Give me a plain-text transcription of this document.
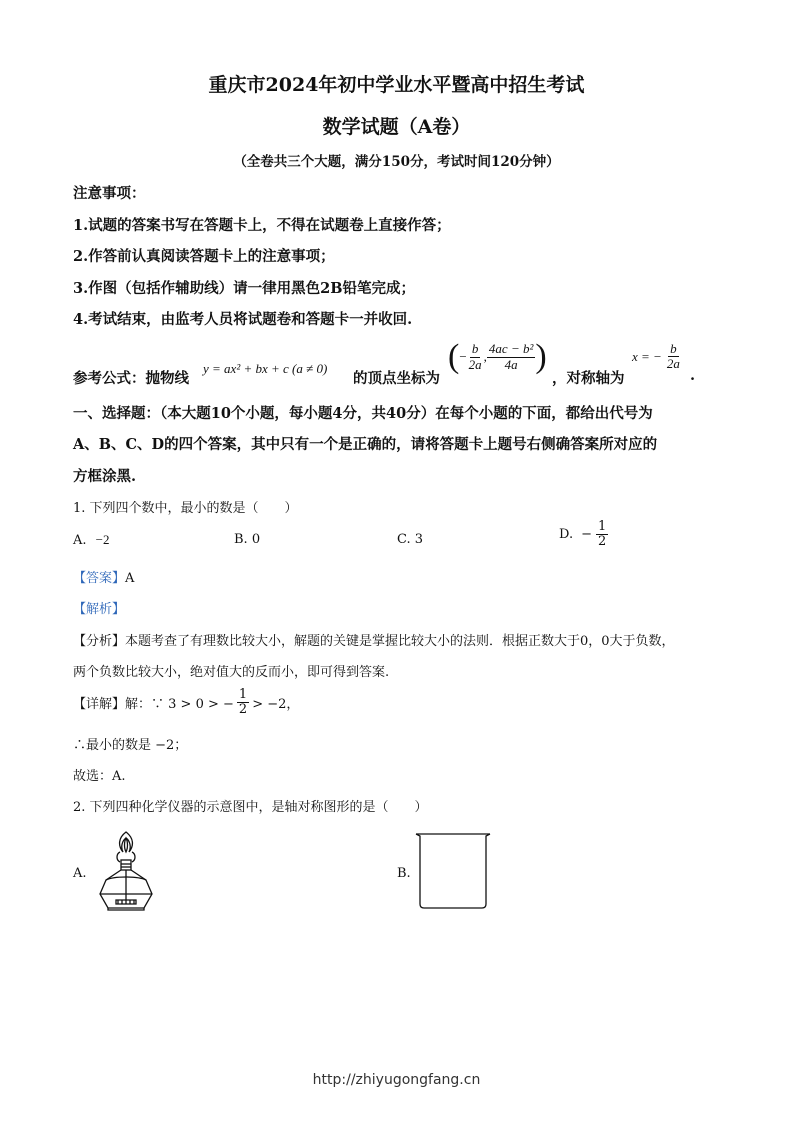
重庆市2024年初中学业水平暨高中招生考试
数学试题（A卷）
（全卷共三个大题，满分150分，考试时间120分钟）
注意事项：
1.试题的答案书写在答题卡上，不得在试题卷上直接作答；
2.作答前认真阅读答题卡上的注意事项；
3.作图（包括作辅助线）请一律用黑色2B铅笔完成；
4.考试结束，由监考人员将试题卷和答题卡一并收回.
参考公式：抛物线
y = ax² + bx + c (a ≠ 0)
的顶点坐标为
( − $\frac{b}{2a}$ , $\frac{\text{4ac − b²}}{4a}$ )
，对称轴为
x = − $\frac{b}{2a}$
.
一、选择题：（本大题10个小题，每小题4分，共40分）在每个小题的下面，都给出代号为
A、B、C、D的四个答案，其中只有一个是正确的，请将答题卡上题号右侧确答案所对应的
方框涂黑.
1. 下列四个数中，最小的数是（　　）
A. −2	B. 0	C. 3	D. − $\frac{1}{2}$
【答案】A
【解析】
【分析】本题考查了有理数比较大小，解题的关键是掌握比较大小的法则．根据正数大于0，0大于负数，
两个负数比较大小，绝对值大的反而小，即可得到答案.
【详解】 解：∵ 3 > 0 > − $\frac{1}{2} > -2$，
∴最小的数是 −2；
故选：A.
2. 下列四种化学仪器的示意图中，是轴对称图形的是（　　）
A.	B.
http://zhiyugongfang.cn
